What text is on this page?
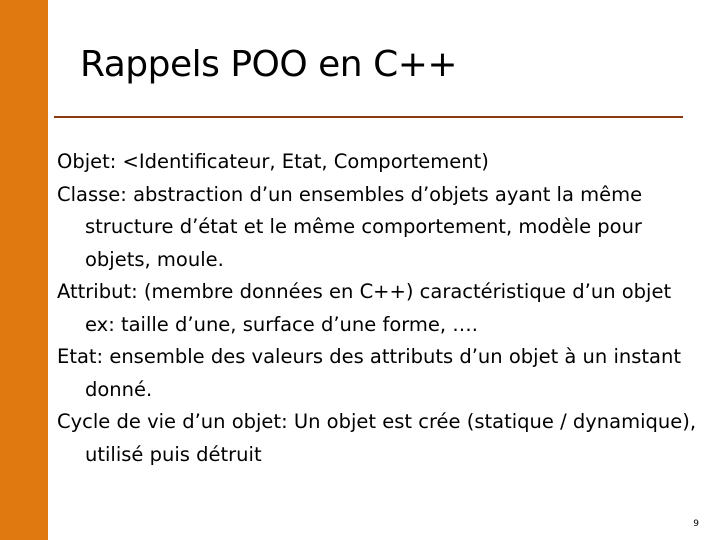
Rappels POO en C++
Objet: <Identificateur, Etat, Comportement)
Classe: abstraction d’un ensembles d’objets ayant la même structure d’état et le même comportement, modèle pour objets, moule.
Attribut: (membre données en C++) caractéristique d’un objet ex: taille d’une, surface d’une forme, ….
Etat: ensemble des valeurs des attributs d’un objet à un instant donné.
Cycle de vie d’un objet: Un objet est crée (statique / dynamique), utilisé puis détruit
9
